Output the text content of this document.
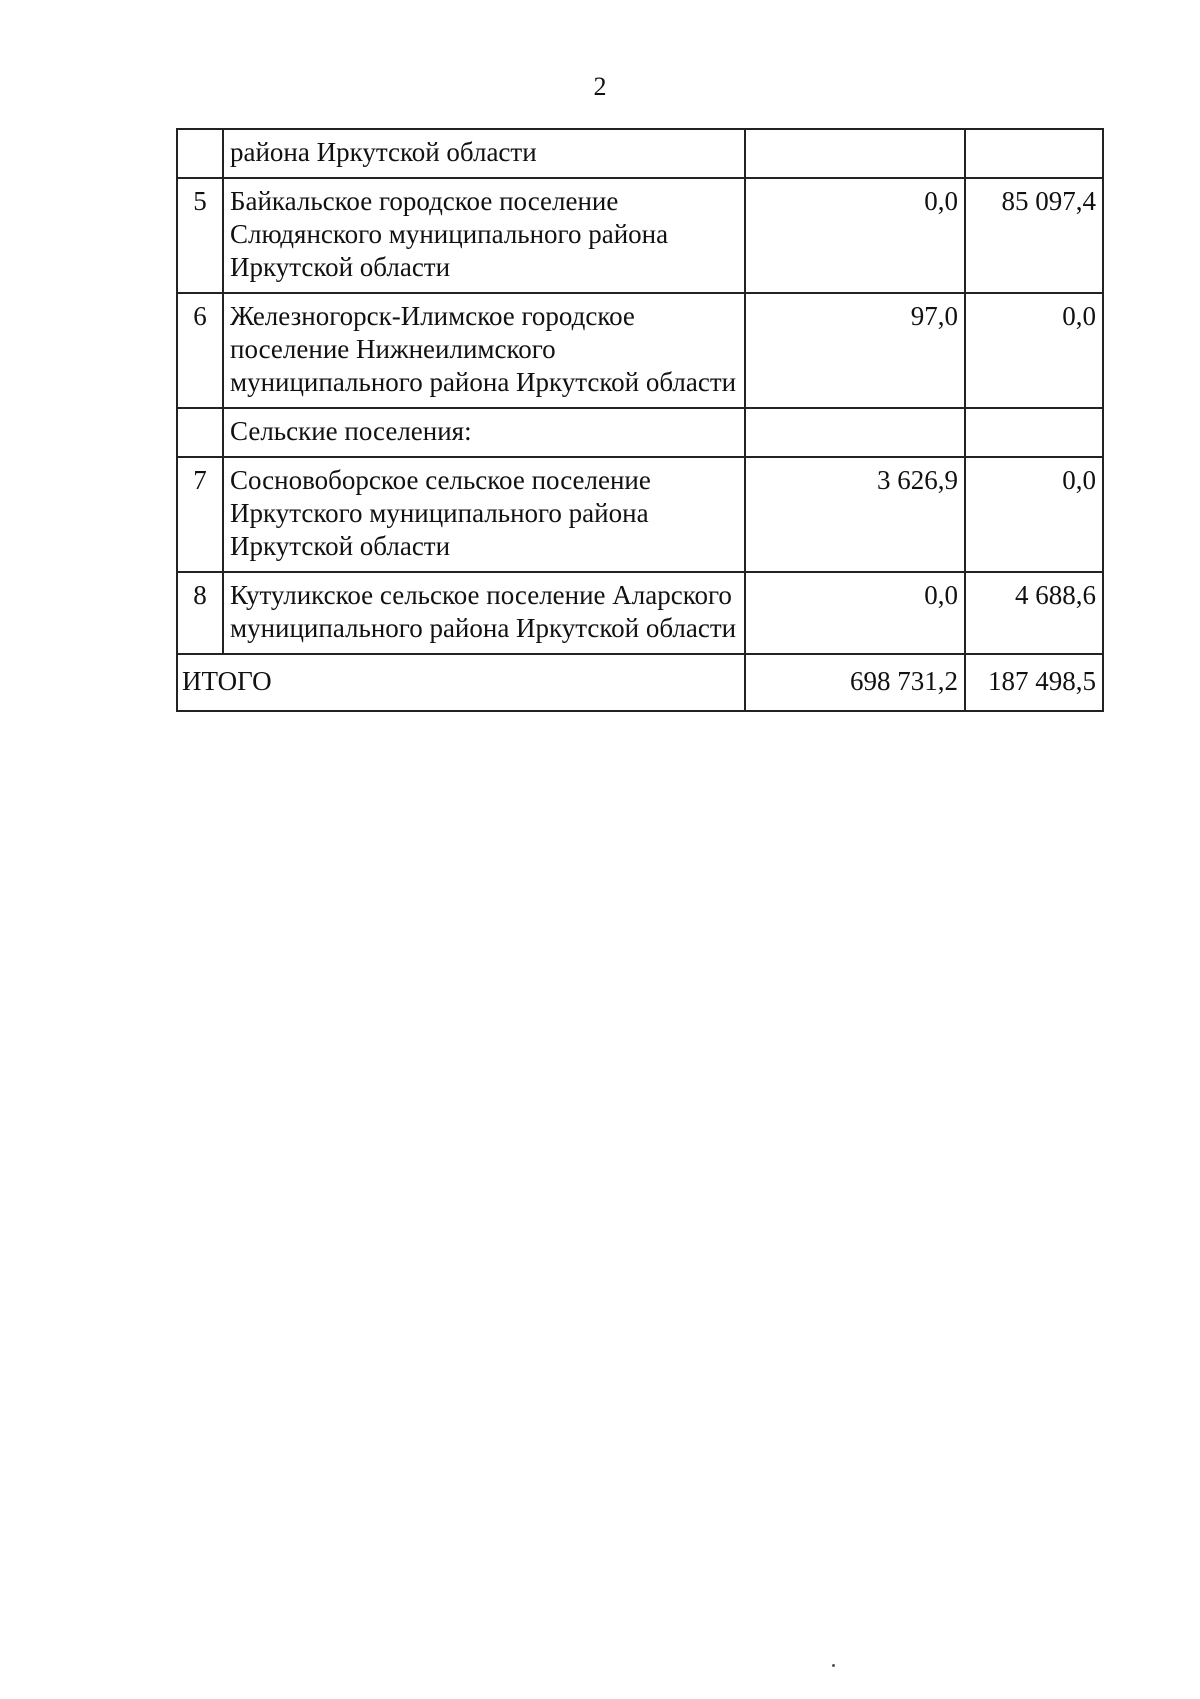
2
	района Иркутской области		
5	Байкальское городское поселение Слюдянского муниципального района Иркутской области	0,0	85 097,4
6	Железногорск-Илимское городское поселение Нижнеилимского муниципального района Иркутской области	97,0	0,0
	Сельские поселения:		
7	Сосновоборское сельское поселение Иркутского муниципального района Иркутской области	3 626,9	0,0
8	Кутуликское сельское поселение Аларского муниципального района Иркутской области	0,0	4 688,6
ИТОГО		698 731,2	187 498,5
